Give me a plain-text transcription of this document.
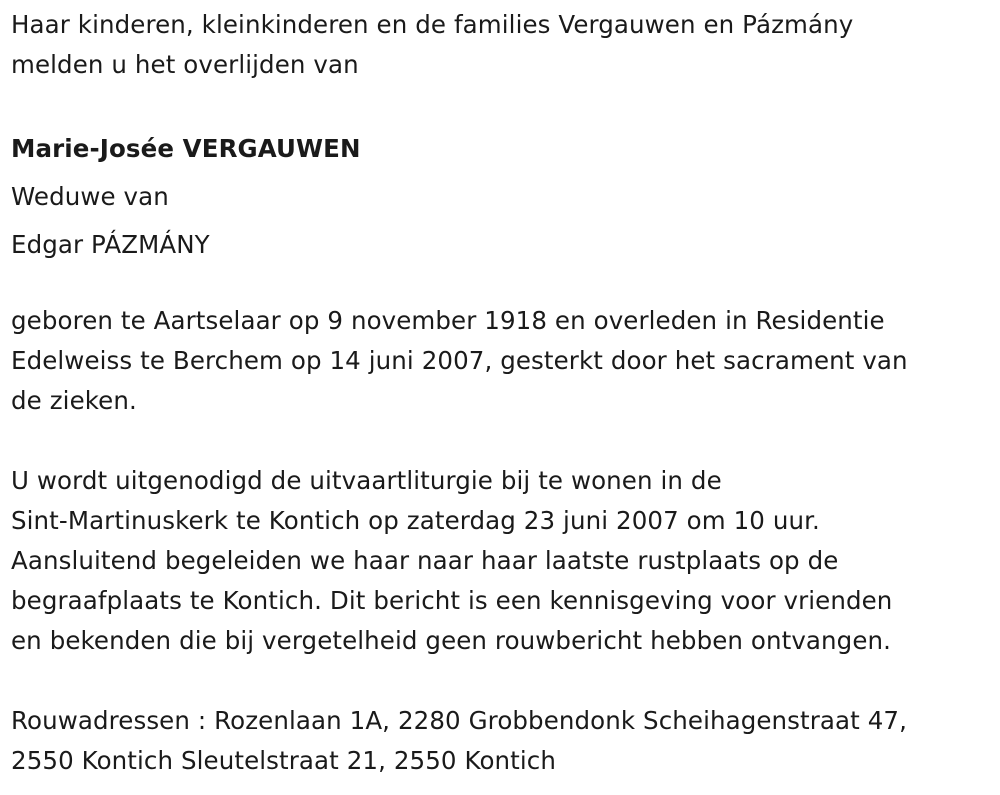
Haar kinderen, kleinkinderen en de families Vergauwen en Pázmány

melden u het overlijden van

Marie-Josée VERGAUWEN

Weduwe van

Edgar PÁZMÁNY

geboren te Aartselaar op 9 november 1918 en overleden in Residentie

Edelweiss te Berchem op 14 juni 2007, gesterkt door het sacrament van

de zieken.

U wordt uitgenodigd de uitvaartliturgie bij te wonen in de

Sint-Martinuskerk te Kontich op zaterdag 23 juni 2007 om 10 uur.

Aansluitend begeleiden we haar naar haar laatste rustplaats op de

begraafplaats te Kontich. Dit bericht is een kennisgeving voor vrienden

en bekenden die bij vergetelheid geen rouwbericht hebben ontvangen.

Rouwadressen : Rozenlaan 1A, 2280 Grobbendonk Scheihagenstraat 47,

2550 Kontich Sleutelstraat 21, 2550 Kontich
